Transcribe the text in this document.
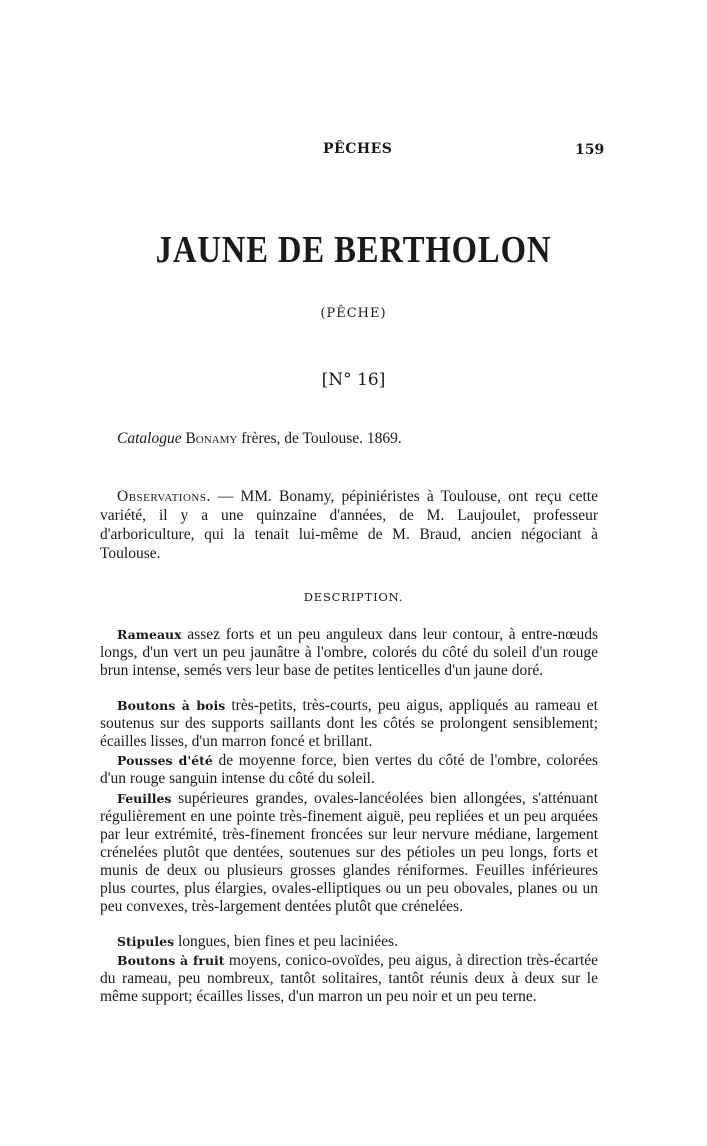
PÊCHES	159
JAUNE DE BERTHOLON
(PÊCHE)
[N° 16]
Catalogue Bonamy frères, de Toulouse. 1869.
Observations. — MM. Bonamy, pépiniéristes à Toulouse, ont reçu cette variété, il y a une quinzaine d'années, de M. Laujoulet, professeur d'arboriculture, qui la tenait lui-même de M. Braud, ancien négociant à Toulouse.
DESCRIPTION.
Rameaux assez forts et un peu anguleux dans leur contour, à entre-nœuds longs, d'un vert un peu jaunâtre à l'ombre, colorés du côté du soleil d'un rouge brun intense, semés vers leur base de petites lenticelles d'un jaune doré.
Boutons à bois très-petits, très-courts, peu aigus, appliqués au rameau et soutenus sur des supports saillants dont les côtés se prolongent sensiblement; écailles lisses, d'un marron foncé et brillant.
Pousses d'été de moyenne force, bien vertes du côté de l'ombre, colorées d'un rouge sanguin intense du côté du soleil.
Feuilles supérieures grandes, ovales-lancéolées bien allongées, s'atténuant régulièrement en une pointe très-finement aiguë, peu repliées et un peu arquées par leur extrémité, très-finement froncées sur leur nervure médiane, largement crénelées plutôt que dentées, soutenues sur des pétioles un peu longs, forts et munis de deux ou plusieurs grosses glandes réniformes. Feuilles inférieures plus courtes, plus élargies, ovales-elliptiques ou un peu obovales, planes ou un peu convexes, très-largement dentées plutôt que crénelées.
Stipules longues, bien fines et peu laciniées.
Boutons à fruit moyens, conico-ovoïdes, peu aigus, à direction très-écartée du rameau, peu nombreux, tantôt solitaires, tantôt réunis deux à deux sur le même support; écailles lisses, d'un marron un peu noir et un peu terne.
